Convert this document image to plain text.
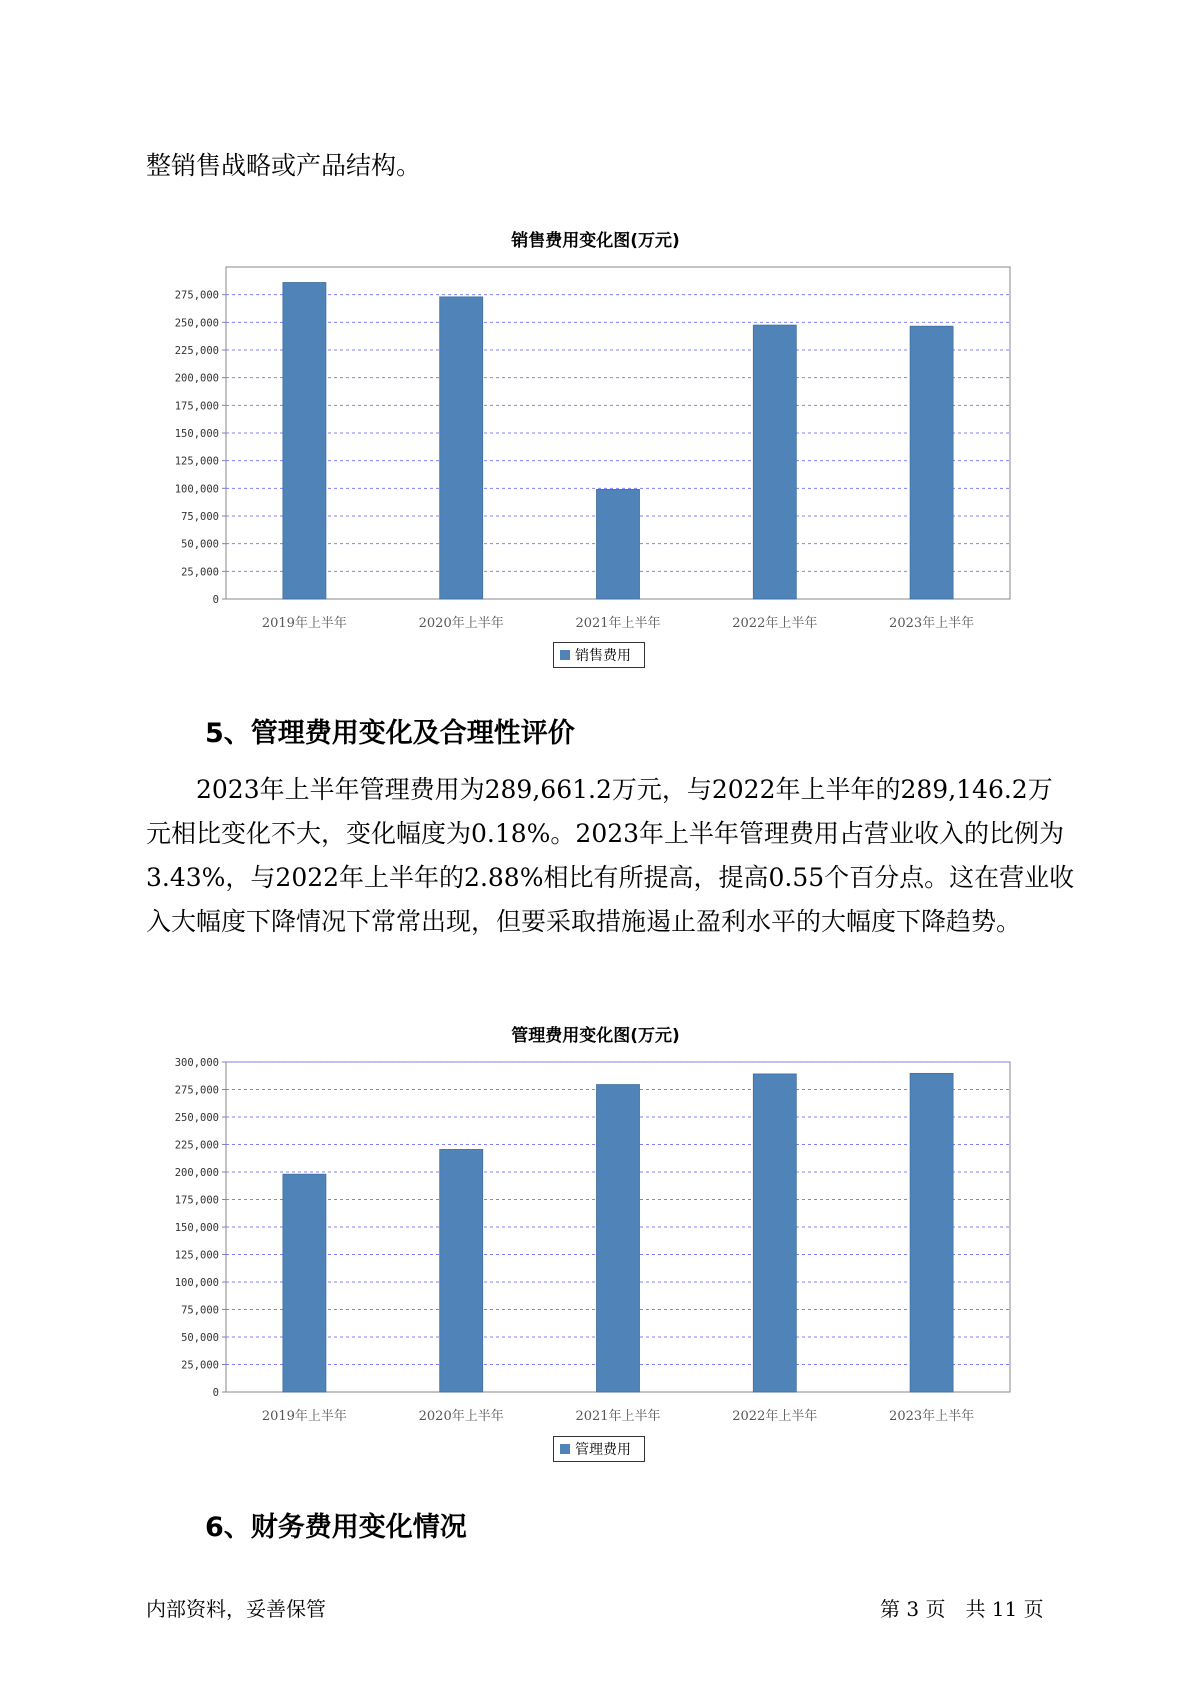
整销售战略或产品结构。

销售费用变化图(万元)
0
25,000
50,000
75,000
100,000
125,000
150,000
175,000
200,000
225,000
250,000
275,000
2019年上半年	2020年上半年	2021年上半年	2022年上半年	2023年上半年
销售费用
5、管理费用变化及合理性评价

2023年上半年管理费用为289,661.2万元，与2022年上半年的289,146.2万元相比变化不大，变化幅度为0.18%。2023年上半年管理费用占营业收入的比例为3.43%，与2022年上半年的2.88%相比有所提高，提高0.55个百分点。这在营业收入大幅度下降情况下常常出现，但要采取措施遏止盈利水平的大幅度下降趋势。

管理费用变化图(万元)
0
25,000
50,000
75,000
100,000
125,000
150,000
175,000
200,000
225,000
250,000
275,000
300,000
2019年上半年	2020年上半年	2021年上半年	2022年上半年	2023年上半年
管理费用
6、财务费用变化情况
内部资料，妥善保管	第 3 页　共 11 页
